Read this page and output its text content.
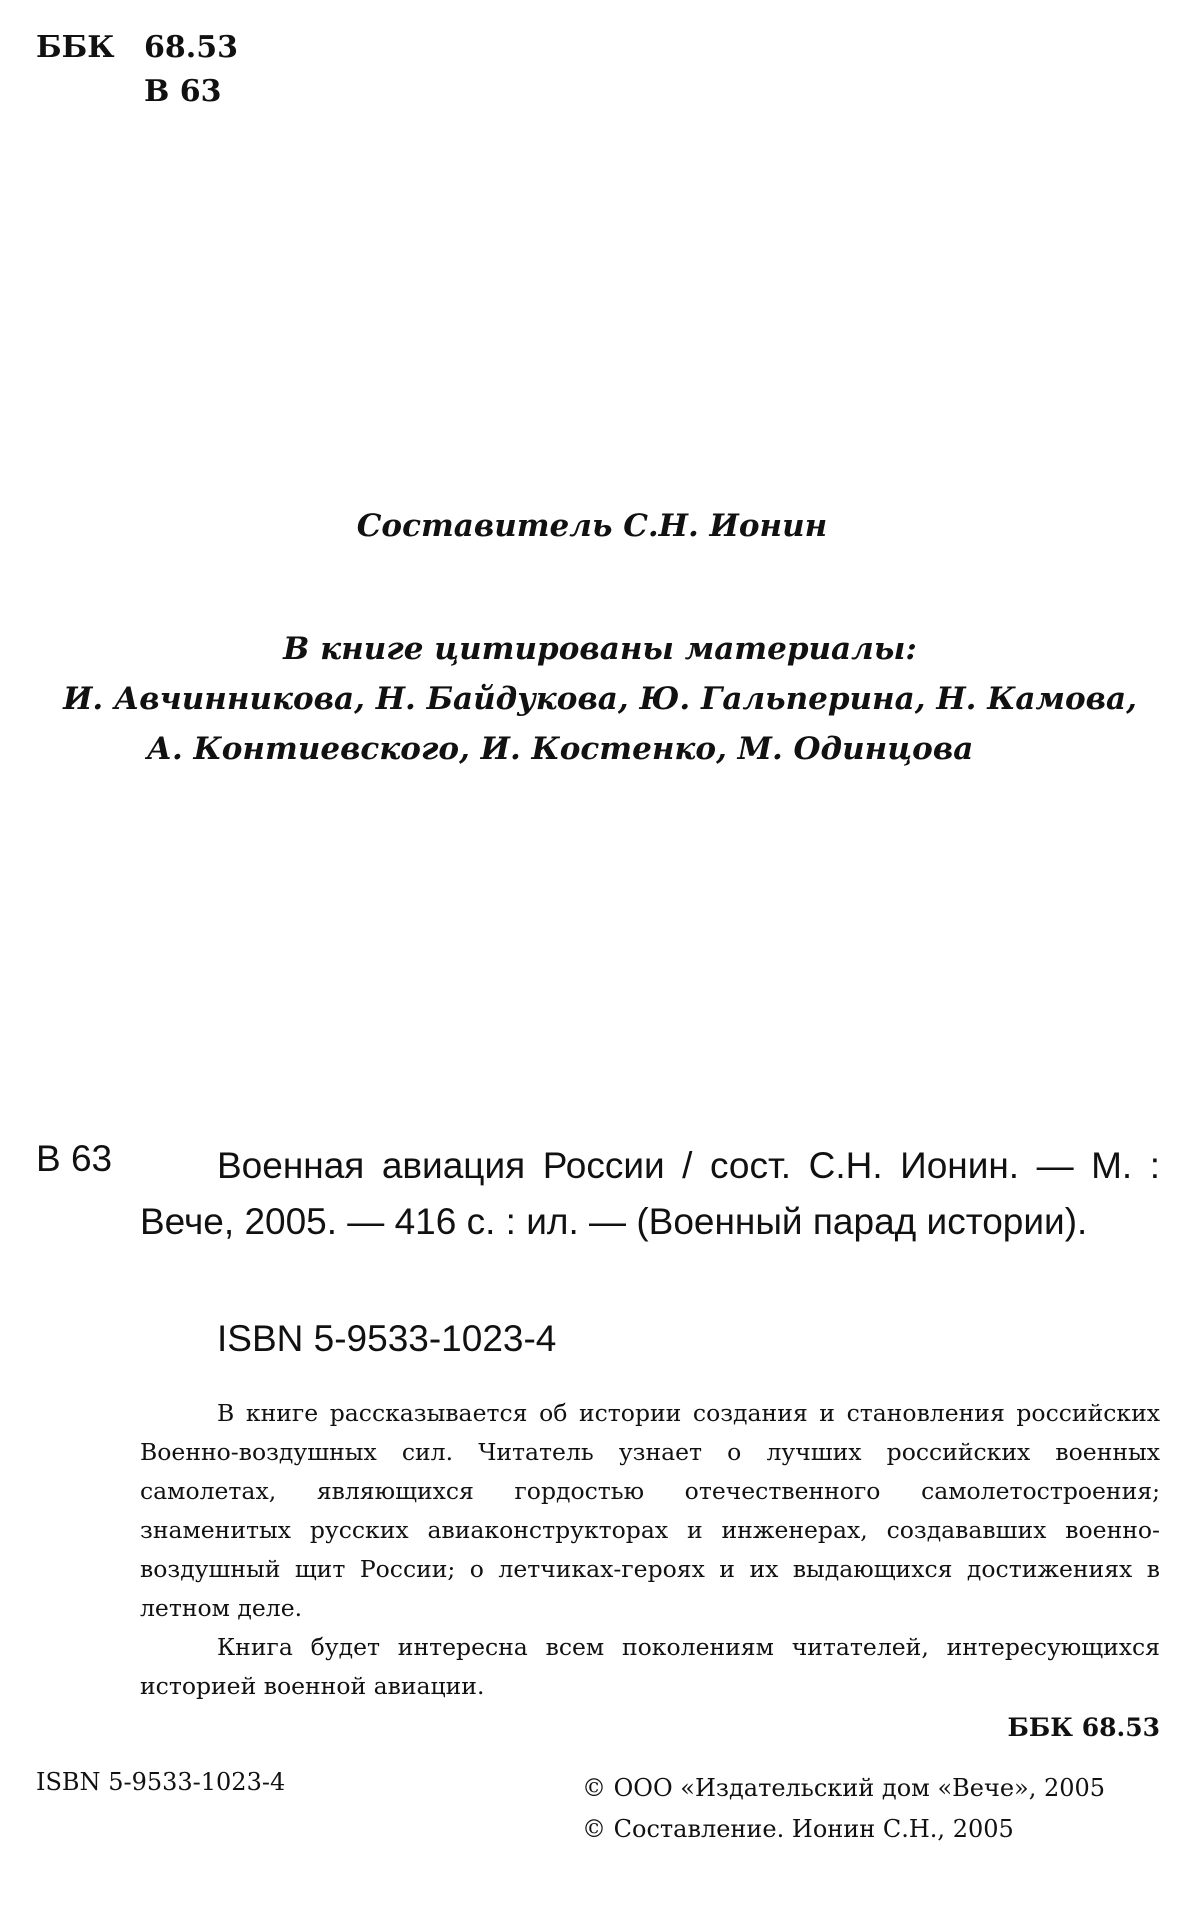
ББК 68.53
В 63
Составитель С.Н. Ионин
В книге цитированы материалы:
И. Авчинникова, Н. Байдукова, Ю. Гальперина, Н. Камова,
А. Контиевского, И. Костенко, М. Одинцова
В 63	Военная авиация России / сост. С.Н. Ионин. — М. : Вече, 2005. — 416 с. : ил. — (Военный парад истории).
ISBN 5-9533-1023-4

В книге рассказывается об истории создания и становления российских Военно-воздушных сил. Читатель узнает о лучших российских военных самолетах, являющихся гордостью отечественного самолетостроения; знаменитых русских авиаконструкторах и инженерах, создававших военно-воздушный щит России; о летчиках-героях и их выдающихся достижениях в летном деле.

Книга будет интересна всем поколениям читателей, интересующихся историей военной авиации.

ББК 68.53
ISBN 5-9533-1023-4	© ООО «Издательский дом «Вече», 2005
© Составление. Ионин С.Н., 2005
